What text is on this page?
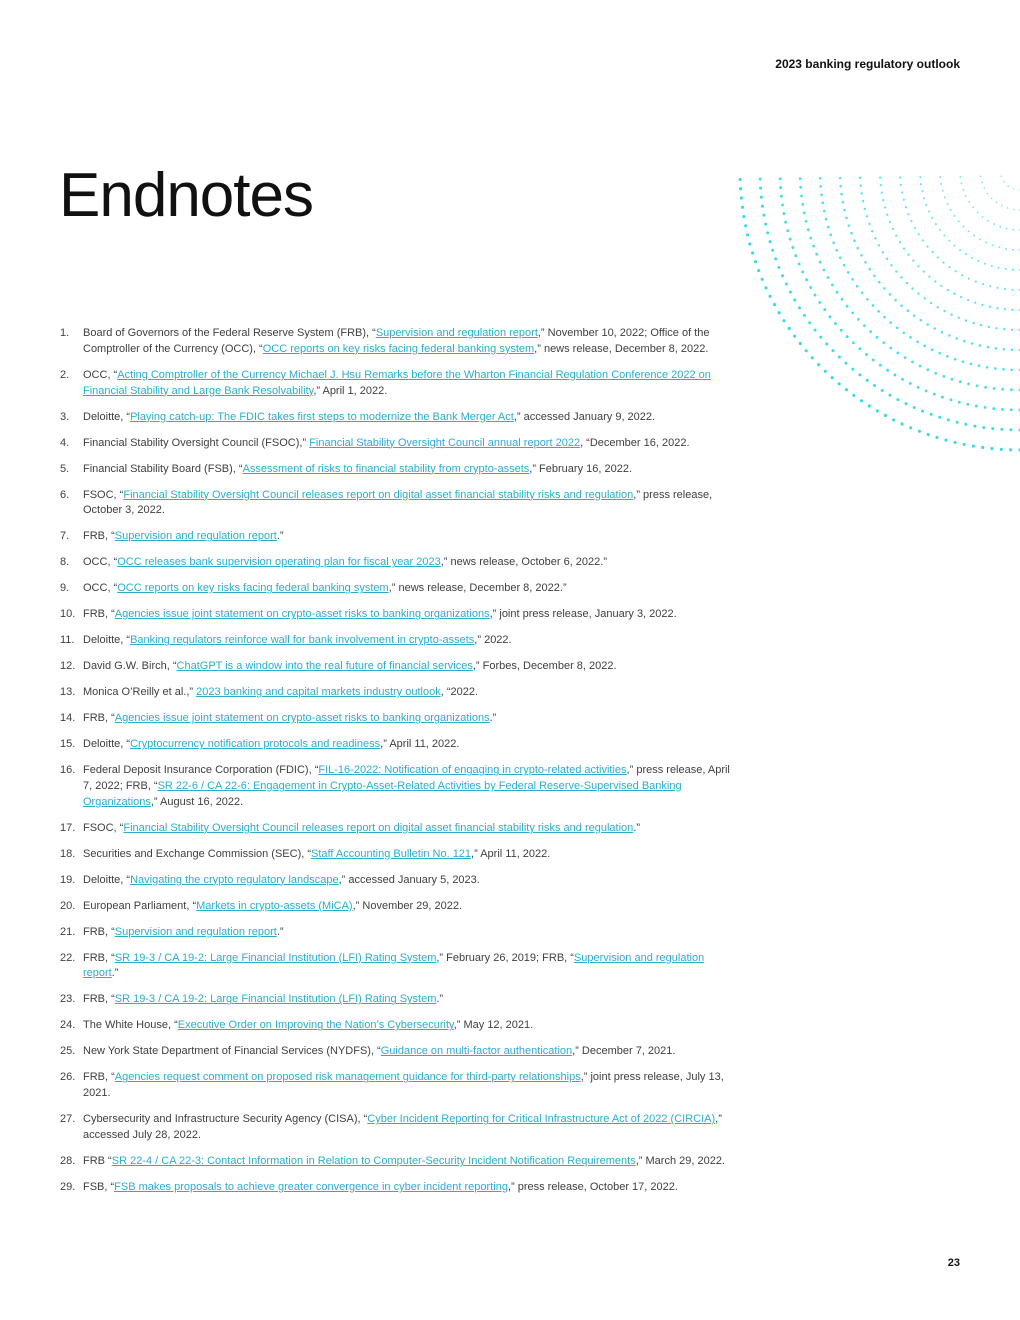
2023 banking regulatory outlook
Endnotes
1. Board of Governors of the Federal Reserve System (FRB), “Supervision and regulation report,” November 10, 2022; Office of the Comptroller of the Currency (OCC), “OCC reports on key risks facing federal banking system,” news release, December 8, 2022.
2. OCC, “Acting Comptroller of the Currency Michael J. Hsu Remarks before the Wharton Financial Regulation Conference 2022 on Financial Stability and Large Bank Resolvability,” April 1, 2022.
3. Deloitte, “Playing catch-up: The FDIC takes first steps to modernize the Bank Merger Act,” accessed January 9, 2022.
4. Financial Stability Oversight Council (FSOC),” Financial Stability Oversight Council annual report 2022, “December 16, 2022.
5. Financial Stability Board (FSB), “Assessment of risks to financial stability from crypto-assets,” February 16, 2022.
6. FSOC, “Financial Stability Oversight Council releases report on digital asset financial stability risks and regulation,” press release, October 3, 2022.
7. FRB, “Supervision and regulation report.”
8. OCC, “OCC releases bank supervision operating plan for fiscal year 2023,” news release, October 6, 2022.”
9. OCC, “OCC reports on key risks facing federal banking system,” news release, December 8, 2022.”
10. FRB, “Agencies issue joint statement on crypto-asset risks to banking organizations,” joint press release, January 3, 2022.
11. Deloitte, “Banking regulators reinforce wall for bank involvement in crypto-assets,” 2022.
12. David G.W. Birch, “ChatGPT is a window into the real future of financial services,” Forbes, December 8, 2022.
13. Monica O’Reilly et al.,” 2023 banking and capital markets industry outlook, “2022.
14. FRB, “Agencies issue joint statement on crypto-asset risks to banking organizations.”
15. Deloitte, “Cryptocurrency notification protocols and readiness,” April 11, 2022.
16. Federal Deposit Insurance Corporation (FDIC), “FIL-16-2022: Notification of engaging in crypto-related activities,” press release, April 7, 2022; FRB, “SR 22-6 / CA 22-6: Engagement in Crypto-Asset-Related Activities by Federal Reserve-Supervised Banking Organizations,” August 16, 2022.
17. FSOC, “Financial Stability Oversight Council releases report on digital asset financial stability risks and regulation.”
18. Securities and Exchange Commission (SEC), “Staff Accounting Bulletin No. 121,” April 11, 2022.
19. Deloitte, “Navigating the crypto regulatory landscape,” accessed January 5, 2023.
20. European Parliament, “Markets in crypto-assets (MiCA),” November 29, 2022.
21. FRB, “Supervision and regulation report.”
22. FRB, “SR 19-3 / CA 19-2: Large Financial Institution (LFI) Rating System,” February 26, 2019; FRB, “Supervision and regulation report.”
23. FRB, “SR 19-3 / CA 19-2: Large Financial Institution (LFI) Rating System.”
24. The White House, “Executive Order on Improving the Nation’s Cybersecurity,” May 12, 2021.
25. New York State Department of Financial Services (NYDFS), “Guidance on multi-factor authentication,” December 7, 2021.
26. FRB, “Agencies request comment on proposed risk management guidance for third-party relationships,” joint press release, July 13, 2021.
27. Cybersecurity and Infrastructure Security Agency (CISA), “Cyber Incident Reporting for Critical Infrastructure Act of 2022 (CIRCIA),” accessed July 28, 2022.
28. FRB “SR 22-4 / CA 22-3: Contact Information in Relation to Computer-Security Incident Notification Requirements,” March 29, 2022.
29. FSB, “FSB makes proposals to achieve greater convergence in cyber incident reporting,” press release, October 17, 2022.
23
